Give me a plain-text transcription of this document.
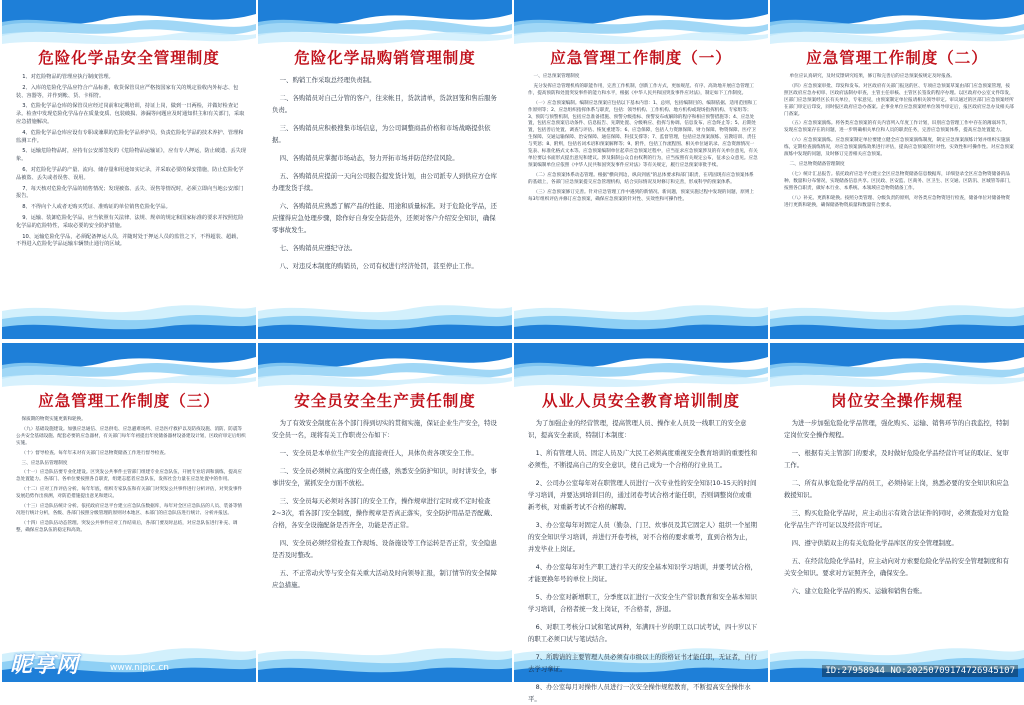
危险化学品安全管理制度

1、对危险物品的管理应执行制度管理。

2、入库的危险化学品应符合产品标准，收货保管员应严格按国家有关的规定验收内外标志、包装、容器等，并作到帐、货、卡相符。

3、危险化学品仓库的保管员应经过岗前和定期培训，持证上岗，做到一日两检，并做好检查记录。检查中发现危险化学品存在质量变质、包装破损、渗漏等问题应及时通知供主和有关部门，采取应急措施解决。

4、危险化学品仓库应设有专职或兼职的危险化学品养护员，负责危险化学品的技术养护、管理和监测工作。

5、运输危险物品时，应持有公安部签发的《危险物品运输证》，应有专人押运，防止破遗、丢失现象。

6、对危险化学品的产量、流向、储存量和用途如实记录，并采取必要的保安措施，防止危险化学品被盗、丢失或者误售、误用。

7、每天核对危险化学品的销售情况；发现被盗、丢失、误售等情况时，必须立即向当地公安部门报告。

8、不得向个人或者无购买凭证、准购证的单位销售危险化学品。

9、运输、装卸危险化学品，应当依照有关法律、法规、规章的规定和国家标准的要求并按照危险化学品的危险特性，采取必要的安全防护措施。

10、运输危险化学品，必须配备押运人员，并随时处于押运人员的监管之下，不得超装、超载，不得进入危险化学品运输车辆禁止通行的区域。

危险化学品购销管理制度

一、购销工作采取总经理负责制。

二、各购销员对自己分管的客户，往来帐目，货款清单，货款回笼和售后服务负责。

三、各购销员应积极搜集市场信息，为公司调整商品价格和市场战略提供依据。

四、各购销员应掌握市场动态，努力开拓市场并防范经营风险。

五、各购销员应提前一天向公司报告提发货计划，由公司派专人到供应方仓库办理发货手续。

六、各购销员应熟悉了解产品的性能、用途和质量标准。对于危险化学品，还应懂得应急处理步骤，除作好自身安全防范外，还须对客户介绍安全知识，确保零事故发生。

七、各购销员应遵纪守法。

八、对违反本制度的购销员，公司有权进行经济处罚，甚至停止工作。

应急管理工作制度（一）

一、应急预案管理制度

充分发挥应急管理机构的职能作用，完善工作机制，创新工作方式，更加规范、有序、高效地开展应急管理工作，提高预防和处置突发事件的能力和水平，根据《中华人民共和国突发事件应对法》，制定如下工作制度。

（一）应急预案编制。编制应急预案应包括以下基本内容：1、总则，包括编制目的、编制依据、适用范围和工作原则等；2、应急组织指挥体系与职责，包括：领导机构、工作机构、地方机构或现场指挥机构、专家组等；3、预防与预警机制，包括应急准备措施、预警分级指标、预警发布或解除的程序和相应预警措施等；4、应急处置，包括应急预案启动条件、信息报告、先期处置、分级响应、指挥与协调、信息发布、应急终止等；5、后期处置，包括善后处置、调查与评估、恢复重建等；6、应急保障，包括人力资源保障、财力保障、物资保障、医疗卫生保障、交通运输保障、治安保障、通信保障、科技支撑等；7、监督管理，包括应急预案演练、宣教培训、责任与奖惩；8、附则，包括名词术语和预案解释等；9、附件，包括工作流程图、相关单位通讯录、应急资源情况一览表、标准化格式文本等。应急预案编制单位起草应急预案过程中，应当征求应急预案涉及的有关单位意见，有关单位要以书面形式提出意见和建议。涉及限制公众自由权利的行为，应当按照有关规定公布，征求公众意见。应急预案编制单位应依照《中华人民共和国突发事件应对法》等有关规定，履行应急预案审批手续。

（二）应急预案体系动态管理。根据"横向到边，纵向到底"的总体要求和部门职责，在巩固现有应急预案体系的基础上，各部门应急预案提交应急管理机构，结合实际情况及时修订和完善，形成科学的预案体系。

（三）应急预案修订完善。针对应急管理工作中遇到的新情况、新问题，预案实施过程中发现的问题，原则上每3年组织评估并修订应急预案，确保应急预案的针对性、实效性和可操作性。

应急管理工作制度（二）

单位应认真研究，及时反馈研究结果，修订和完善后的应急预案按规定及时报备。

（四）应急预案审批、印发和发布。对区政府有关部门报送的区、专项应急预案草案由部门应急预案管理，按照区政府应急办初审、区政府法制办审查，主管主任审核、主管区长签发的程序办理。以区政府办公室文件印发，区部门应急预案经区长有关单位，专家意见，由预案制定单位报请相关领导审定。审议通过的区部门应急预案经所在部门审定后印发，同时报区政府应急办备案。企事业单位应急预案经单位领导审定后，报区政府应急办及相关部门备案。

（五）应急预案演练。将各类应急预案的有关内容列入年度工作计划，识别应急管理工作中存在的薄弱环节，发现应急预案存在的问题，进一步明确相关单位和人员的职责任务，完善应急预案体系，提高应急处置能力。

（六）应急预案演练。应急预案制定单位要建立健全应急预案演练制度，制定应急预案演练计划并组织实施演练，定期检查演练情况，对应急预案演练效果进行评估，提高应急预案的针对性、实效性和可操作性。对应急预案演练中发现的问题，及时修订完善相关应急预案。

二、应急物资储备管理制度

（七）统计汇总报告。依托政府应急平台建立全区应急物资储备信息数据库，详细登录全区应急物资储备的品种、数量和分布情况，实现储备信息共享。区民政、区安监、区商务、区卫生、区交通、区防汛、区城管等部门，按照各自职责，做好本行业、本系统、本领域应急物资储备工作。

（八）补充、更新和轮换。按照分类管理、分级负责的原则，对各类应急物资进行检查，储备单位对储备物资进行更新和轮换，确保储备物资质量和数量符合要求。

应急管理工作制度（三）

保质期的物资实施更新和轮换。

（九）基础设施建设。加强应急通信、应急供电、应急避难场所、应急医疗救护以及防疫设施、消防、防震等公共安全基础设施、配套必要的应急器材，有关部门每年年初提出年度储备器材设备建设计划，区政府审定后组织实施。

（十）督导检查。每年年末对有关部门应急物资储备工作进行督导检查。

三、应急队伍管理制度

（十一）应急队伍要专业化建设。区突发公共事件主管部门组建专业应急队伍，开展专业培训和演练，提高应急处置能力。各部门、各单位要按照各自职责，组建志愿者应急队伍，发挥社会力量在应急处置中的作用。

（十二）应对工作评估分析。每年年底，组织专家队伍和有关部门对突发公共事件进行分析评估，对突发事件发展趋势作出预测，对防范措施提出意见和建议。

（十三）应急队伍统计分析。依托政府应急平台建立应急队伍数据库，每年对全区应急队伍的人员、装备等情况进行统计分析，各级、各部门按照分级管理的原则对本地区、本部门的应急队伍进行统计、分析并报送。

（十四）应急队伍动态管理。突发公共事件应对工作结束后，各部门要及时总结，对应急队伍进行补充、调整，确保应急队伍的稳定和高效。

安全员安全生产责任制度

为了有效安全制度在各个部门得到切实的贯彻实施，保证企业生产安全，特设安全员一名，现将有关工作职责公布如下：

一、安全员是本单位生产安全的直接责任人，具体负责各项安全工作。

二、安全员必须树立高度的安全责任感，熟悉安全防护知识，时时讲安全，事事讲安全，紧抓安全方面不放松。

三、安全员每天必须对各部门的安全工作，操作规章进行定时或不定时检查2~3次，看各部门安全制度，操作规章是否真正落实，安全防护用品是否配戴、合格，各安全设施配备是否齐全，功能是否正常。

四、安全员必须经常检查工作现场、设备施设等工作运转是否正常，安全隐患是否及时整改。

五、不正常动火等与安全有关重大活动及时向领导汇报，制订情节的安全保障应急措施。

从业人员安全教育培训制度

为了加强企业的经营管理，提高管理人员、操作业人员及一线职工的安全意识，提高安全素质，特制订本制度：

1、所有管理人员、固定人员及广大民工必须高度重视安全教育培训的重要性和必须性，不断提高自己的安全意识，使自己成为一个合格的行业员工。

2、公司办公室每年对在职管理人员进行一次专业性的安全知识10-15天的时间学习培训，并要达到培训目的，通过闭卷考试合格才能任职，否则调整岗位或重新考核，对重新考试不合格的解聘。

3、办公室每年对固定人员（勤杂、门卫、炊事员及其它固定人）组织一个星期的安全知识学习培训，并进行开卷考核，对不合格的要求重考，直到合格为止，并发毕业上岗证。

4、办公室每年对生产职工进行半天的安全基本知识学习培训，并要考试合格，才能更换年号的单位上岗证。

5、办公室对新增职工，分季度以汇进行一次安全生产常识教育和安全基本知识学习培训，合格者统一发上岗证，不合格者，辞退。

6、对职工考核分口试和笔试两种，年满四十岁的职工以口试考试，四十岁以下的职工必须口试与笔试结合。

7、所聘请的主要管理人员必须有市级以上的资格证书才能任职，无证者，自行去学习拿证。

8、办公室每月对操作人员进行一次安全操作规程教育，不断提高安全操作水平。

岗位安全操作规程

为进一步加强危险化学品管理，强化购买、运输、销售环节的自我监控，特制定岗位安全操作规程。

一、根据有关主管部门的要求，及时做好危险化学品经营许可证的取证、复审工作。

二、所有从事危险化学品的员工，必须持证上岗，熟悉必要的安全知识和应急救援知识。

三、购买危险化学品时，应主动出示有效合法证件的同时，必须查验对方危险化学品生产许可证以及经营许可证。

四、遵守供销双主的有关危险化学品库区的安全管理制度。

五、在经营危险化学品时，应主动向对方索要危险化学品的安全管理制度和有关安全知识。要求对方证照齐全，确保安全。

六、建立危险化学品的购买、运输和销售台账。

昵享网	www.nipic.cn	ID:27958944 NO:20250709174726945107
